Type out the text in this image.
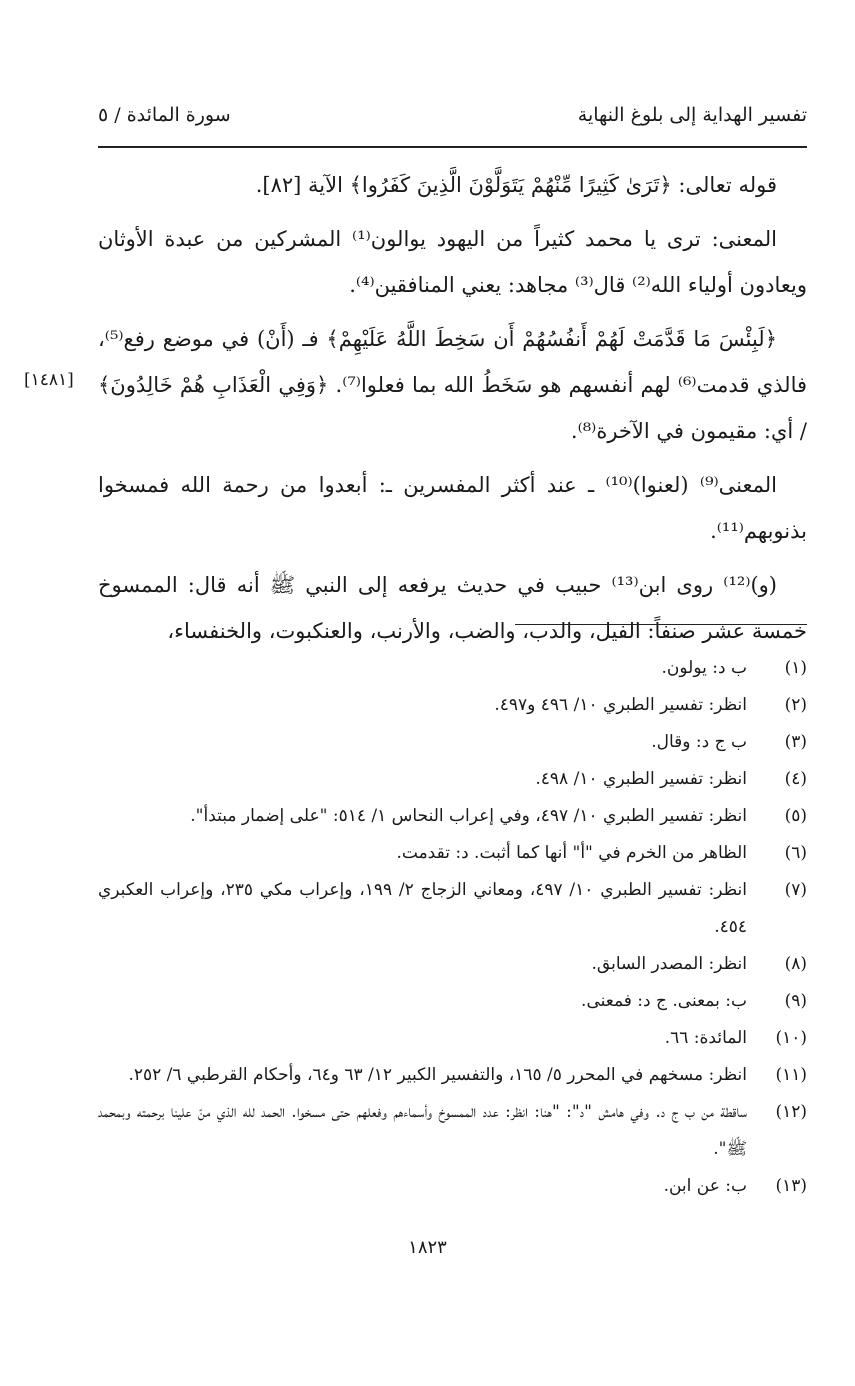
تفسير الهداية إلى بلوغ النهاية
سورة المائدة / ٥
[١٤٨١]

قوله تعالى: ﴿تَرَىٰ كَثِيرًا مِّنْهُمْ يَتَوَلَّوْنَ الَّذِينَ كَفَرُوا﴾ الآية [٨٢].

المعنى: ترى يا محمد كثيراً من اليهود يوالون⁽¹⁾ المشركين من عبدة الأوثان ويعادون أولياء الله⁽²⁾ قال⁽³⁾ مجاهد: يعني المنافقين⁽⁴⁾.

﴿لَبِئْسَ مَا قَدَّمَتْ لَهُمْ أَنفُسُهُمْ أَن سَخِطَ اللَّهُ عَلَيْهِمْ﴾ فـ (أَنْ) في موضع رفع⁽⁵⁾، فالذي قدمت⁽⁶⁾ لهم أنفسهم هو سَخَطُ الله بما فعلوا⁽⁷⁾. ﴿وَفِي الْعَذَابِ هُمْ خَالِدُونَ﴾ / أي: مقيمون في الآخرة⁽⁸⁾.

المعنى⁽⁹⁾ (لعنوا)⁽¹⁰⁾ ـ عند أكثر المفسرين ـ: أبعدوا من رحمة الله فمسخوا بذنوبهم⁽¹¹⁾.

(و)⁽¹²⁾ روى ابن⁽¹³⁾ حبيب في حديث يرفعه إلى النبي ﷺ أنه قال: الممسوخ خمسة عشر صنفاً: الفيل، والدب، والضب، والأرنب، والعنكبوت، والخنفساء،

(١)
ب د: يولون.
(٢)
انظر: تفسير الطبري ١٠/ ٤٩٦ و٤٩٧.
(٣)
ب ج د: وقال.
(٤)
انظر: تفسير الطبري ١٠/ ٤٩٨.
(٥)
انظر: تفسير الطبري ١٠/ ٤٩٧، وفي إعراب النحاس ١/ ٥١٤: "على إضمار مبتدأ".
(٦)
الظاهر من الخرم في "أ" أنها كما أثبت. د: تقدمت.
(٧)
انظر: تفسير الطبري ١٠/ ٤٩٧، ومعاني الزجاج ٢/ ١٩٩، وإعراب مكي ٢٣٥، وإعراب العكبري ٤٥٤.
(٨)
انظر: المصدر السابق.
(٩)
ب: بمعنى. ج د: فمعنى.
(١٠)
المائدة: ٦٦.
(١١)
انظر: مسخهم في المحرر ٥/ ١٦٥، والتفسير الكبير ١٢/ ٦٣ و٦٤، وأحكام القرطبي ٦/ ٢٥٢.
(١٢)
ساقطة من ب ج د. وفي هامش "د": "هنا: انظر: عدد الممسوخ وأسماءهم وفعلهم حتى مسخوا. الحمد لله الذي منّ علينا برحمته وبمحمد ﷺ".
(١٣)
ب: عن ابن.
١٨٢٣
